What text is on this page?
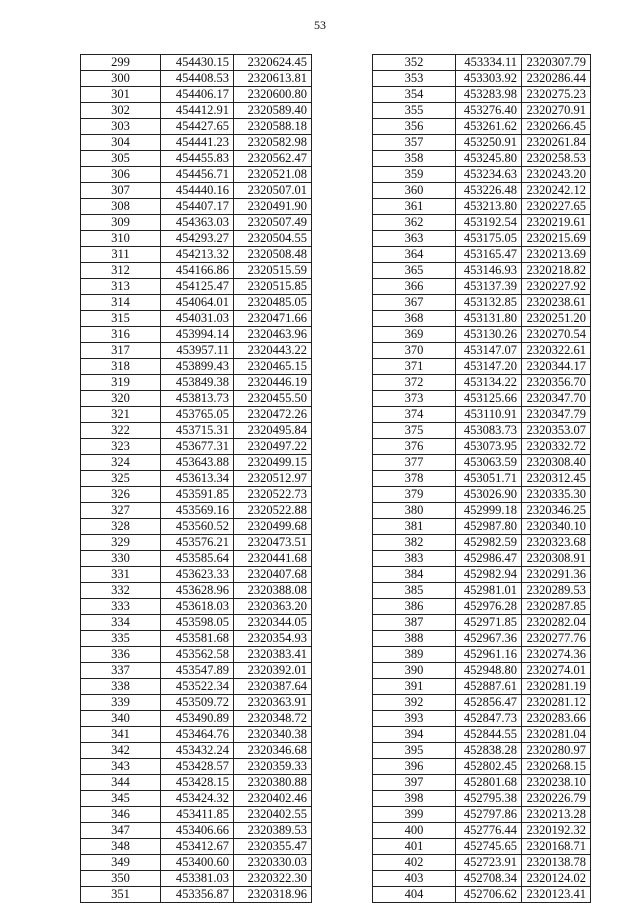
53
299	454430.15	2320624.45
300	454408.53	2320613.81
301	454406.17	2320600.80
302	454412.91	2320589.40
303	454427.65	2320588.18
304	454441.23	2320582.98
305	454455.83	2320562.47
306	454456.71	2320521.08
307	454440.16	2320507.01
308	454407.17	2320491.90
309	454363.03	2320507.49
310	454293.27	2320504.55
311	454213.32	2320508.48
312	454166.86	2320515.59
313	454125.47	2320515.85
314	454064.01	2320485.05
315	454031.03	2320471.66
316	453994.14	2320463.96
317	453957.11	2320443.22
318	453899.43	2320465.15
319	453849.38	2320446.19
320	453813.73	2320455.50
321	453765.05	2320472.26
322	453715.31	2320495.84
323	453677.31	2320497.22
324	453643.88	2320499.15
325	453613.34	2320512.97
326	453591.85	2320522.73
327	453569.16	2320522.88
328	453560.52	2320499.68
329	453576.21	2320473.51
330	453585.64	2320441.68
331	453623.33	2320407.68
332	453628.96	2320388.08
333	453618.03	2320363.20
334	453598.05	2320344.05
335	453581.68	2320354.93
336	453562.58	2320383.41
337	453547.89	2320392.01
338	453522.34	2320387.64
339	453509.72	2320363.91
340	453490.89	2320348.72
341	453464.76	2320340.38
342	453432.24	2320346.68
343	453428.57	2320359.33
344	453428.15	2320380.88
345	453424.32	2320402.46
346	453411.85	2320402.55
347	453406.66	2320389.53
348	453412.67	2320355.47
349	453400.60	2320330.03
350	453381.03	2320322.30
351	453356.87	2320318.96
352	453334.11	2320307.79
353	453303.92	2320286.44
354	453283.98	2320275.23
355	453276.40	2320270.91
356	453261.62	2320266.45
357	453250.91	2320261.84
358	453245.80	2320258.53
359	453234.63	2320243.20
360	453226.48	2320242.12
361	453213.80	2320227.65
362	453192.54	2320219.61
363	453175.05	2320215.69
364	453165.47	2320213.69
365	453146.93	2320218.82
366	453137.39	2320227.92
367	453132.85	2320238.61
368	453131.80	2320251.20
369	453130.26	2320270.54
370	453147.07	2320322.61
371	453147.20	2320344.17
372	453134.22	2320356.70
373	453125.66	2320347.70
374	453110.91	2320347.79
375	453083.73	2320353.07
376	453073.95	2320332.72
377	453063.59	2320308.40
378	453051.71	2320312.45
379	453026.90	2320335.30
380	452999.18	2320346.25
381	452987.80	2320340.10
382	452982.59	2320323.68
383	452986.47	2320308.91
384	452982.94	2320291.36
385	452981.01	2320289.53
386	452976.28	2320287.85
387	452971.85	2320282.04
388	452967.36	2320277.76
389	452961.16	2320274.36
390	452948.80	2320274.01
391	452887.61	2320281.19
392	452856.47	2320281.12
393	452847.73	2320283.66
394	452844.55	2320281.04
395	452838.28	2320280.97
396	452802.45	2320268.15
397	452801.68	2320238.10
398	452795.38	2320226.79
399	452797.86	2320213.28
400	452776.44	2320192.32
401	452745.65	2320168.71
402	452723.91	2320138.78
403	452708.34	2320124.02
404	452706.62	2320123.41
